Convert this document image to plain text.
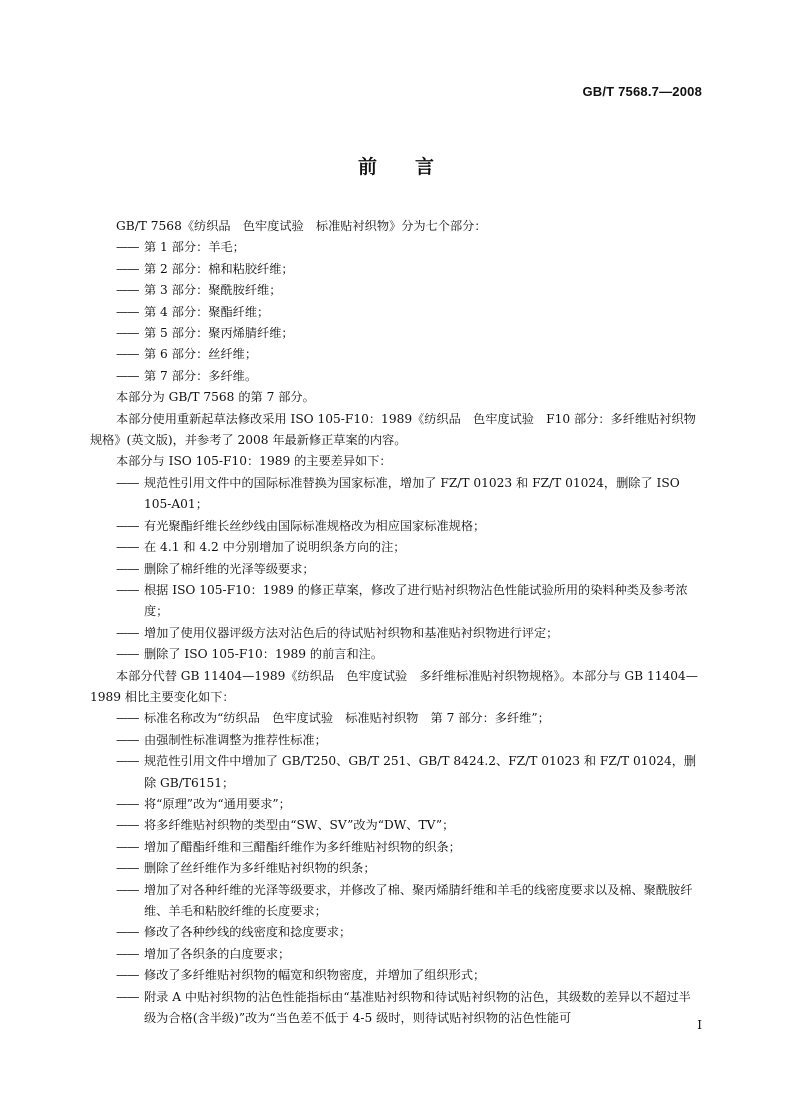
GB/T 7568.7—2008
前言

GB/T 7568《纺织品　色牢度试验　标准贴衬织物》分为七个部分：

—— 第 1 部分：羊毛；

—— 第 2 部分：棉和粘胶纤维；

—— 第 3 部分：聚酰胺纤维；

—— 第 4 部分：聚酯纤维；

—— 第 5 部分：聚丙烯腈纤维；

—— 第 6 部分：丝纤维；

—— 第 7 部分：多纤维。

本部分为 GB/T 7568 的第 7 部分。

本部分使用重新起草法修改采用 ISO 105-F10：1989《纺织品　色牢度试验　F10 部分：多纤维贴衬织物规格》(英文版)，并参考了 2008 年最新修正草案的内容。

本部分与 ISO 105-F10：1989 的主要差异如下：

—— 规范性引用文件中的国际标准替换为国家标准，增加了 FZ/T 01023 和 FZ/T 01024，删除了 ISO 105-A01；

—— 有光聚酯纤维长丝纱线由国际标准规格改为相应国家标准规格；

—— 在 4.1 和 4.2 中分别增加了说明织条方向的注；

—— 删除了棉纤维的光泽等级要求；

—— 根据 ISO 105-F10：1989 的修正草案，修改了进行贴衬织物沾色性能试验所用的染料种类及参考浓度；

—— 增加了使用仪器评级方法对沾色后的待试贴衬织物和基准贴衬织物进行评定；

—— 删除了 ISO 105-F10：1989 的前言和注。

本部分代替 GB 11404—1989《纺织品　色牢度试验　多纤维标准贴衬织物规格》。本部分与 GB 11404—1989 相比主要变化如下：

—— 标准名称改为“纺织品　色牢度试验　标准贴衬织物　第 7 部分：多纤维”；

—— 由强制性标准调整为推荐性标准；

—— 规范性引用文件中增加了 GB/T250、GB/T 251、GB/T 8424.2、FZ/T 01023 和 FZ/T 01024，删除 GB/T6151；

—— 将“原理”改为“通用要求”；

—— 将多纤维贴衬织物的类型由“SW、SV”改为“DW、TV”；

—— 增加了醋酯纤维和三醋酯纤维作为多纤维贴衬织物的织条；

—— 删除了丝纤维作为多纤维贴衬织物的织条；

—— 增加了对各种纤维的光泽等级要求，并修改了棉、聚丙烯腈纤维和羊毛的线密度要求以及棉、聚酰胺纤维、羊毛和粘胶纤维的长度要求；

—— 修改了各种纱线的线密度和捻度要求；

—— 增加了各织条的白度要求；

—— 修改了多纤维贴衬织物的幅宽和织物密度，并增加了组织形式；

—— 附录 A 中贴衬织物的沾色性能指标由“基准贴衬织物和待试贴衬织物的沾色，其级数的差异以不超过半级为合格(含半级)”改为“当色差不低于 4-5 级时，则待试贴衬织物的沾色性能可	I
